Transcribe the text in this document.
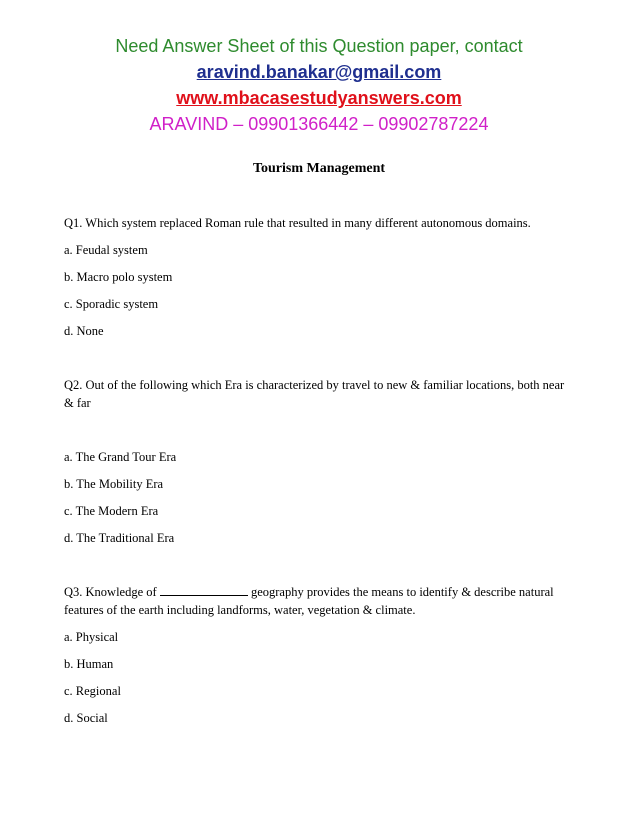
Need Answer Sheet of this Question paper, contact
aravind.banakar@gmail.com
www.mbacasestudyanswers.com
ARAVIND – 09901366442 – 09902787224
Tourism Management

Q1. Which system replaced Roman rule that resulted in many different autonomous domains.

a. Feudal system

b. Macro polo system

c. Sporadic system

d. None

Q2. Out of the following which Era is characterized by travel to new & familiar locations, both near & far

a. The Grand Tour Era

b. The Mobility Era

c. The Modern Era

d. The Traditional Era

Q3. Knowledge of	geography provides the means to identify & describe natural features of the earth including landforms, water, vegetation & climate.

a. Physical

b. Human

c. Regional

d. Social
